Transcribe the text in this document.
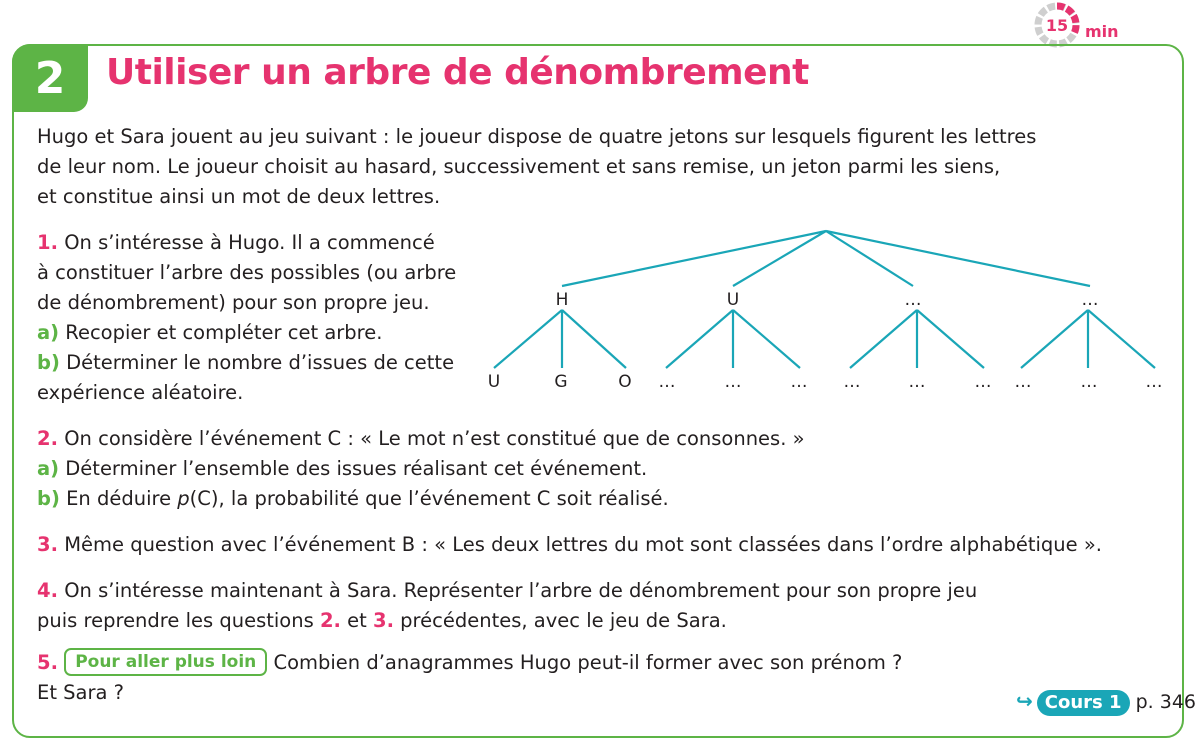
15	min
2	Utiliser un arbre de dénombrement

Hugo et Sara jouent au jeu suivant : le joueur dispose de quatre jetons sur lesquels figurent les lettres

de leur nom. Le joueur choisit au hasard, successivement et sans remise, un jeton parmi les siens,

et constitue ainsi un mot de deux lettres.

1. On s’intéresse à Hugo. Il a commencé

à constituer l’arbre des possibles (ou arbre

de dénombrement) pour son propre jeu.

a) Recopier et compléter cet arbre.

b) Déterminer le nombre d’issues de cette

expérience aléatoire.

H	U	…	…
U	G	O …	…	… …	…	… …	…	…

2. On considère l’événement C : « Le mot n’est constitué que de consonnes. »

a) Déterminer l’ensemble des issues réalisant cet événement.

b) En déduire p(C), la probabilité que l’événement C soit réalisé.

3. Même question avec l’événement B : « Les deux lettres du mot sont classées dans l’ordre alphabétique ».

4. On s’intéresse maintenant à Sara. Représenter l’arbre de dénombrement pour son propre jeu

puis reprendre les questions 2. et 3. précédentes, avec le jeu de Sara.

5. Pour aller plus loin Combien d’anagrammes Hugo peut-il former avec son prénom ?

Et Sara ?	↪ Cours 1 p. 346
